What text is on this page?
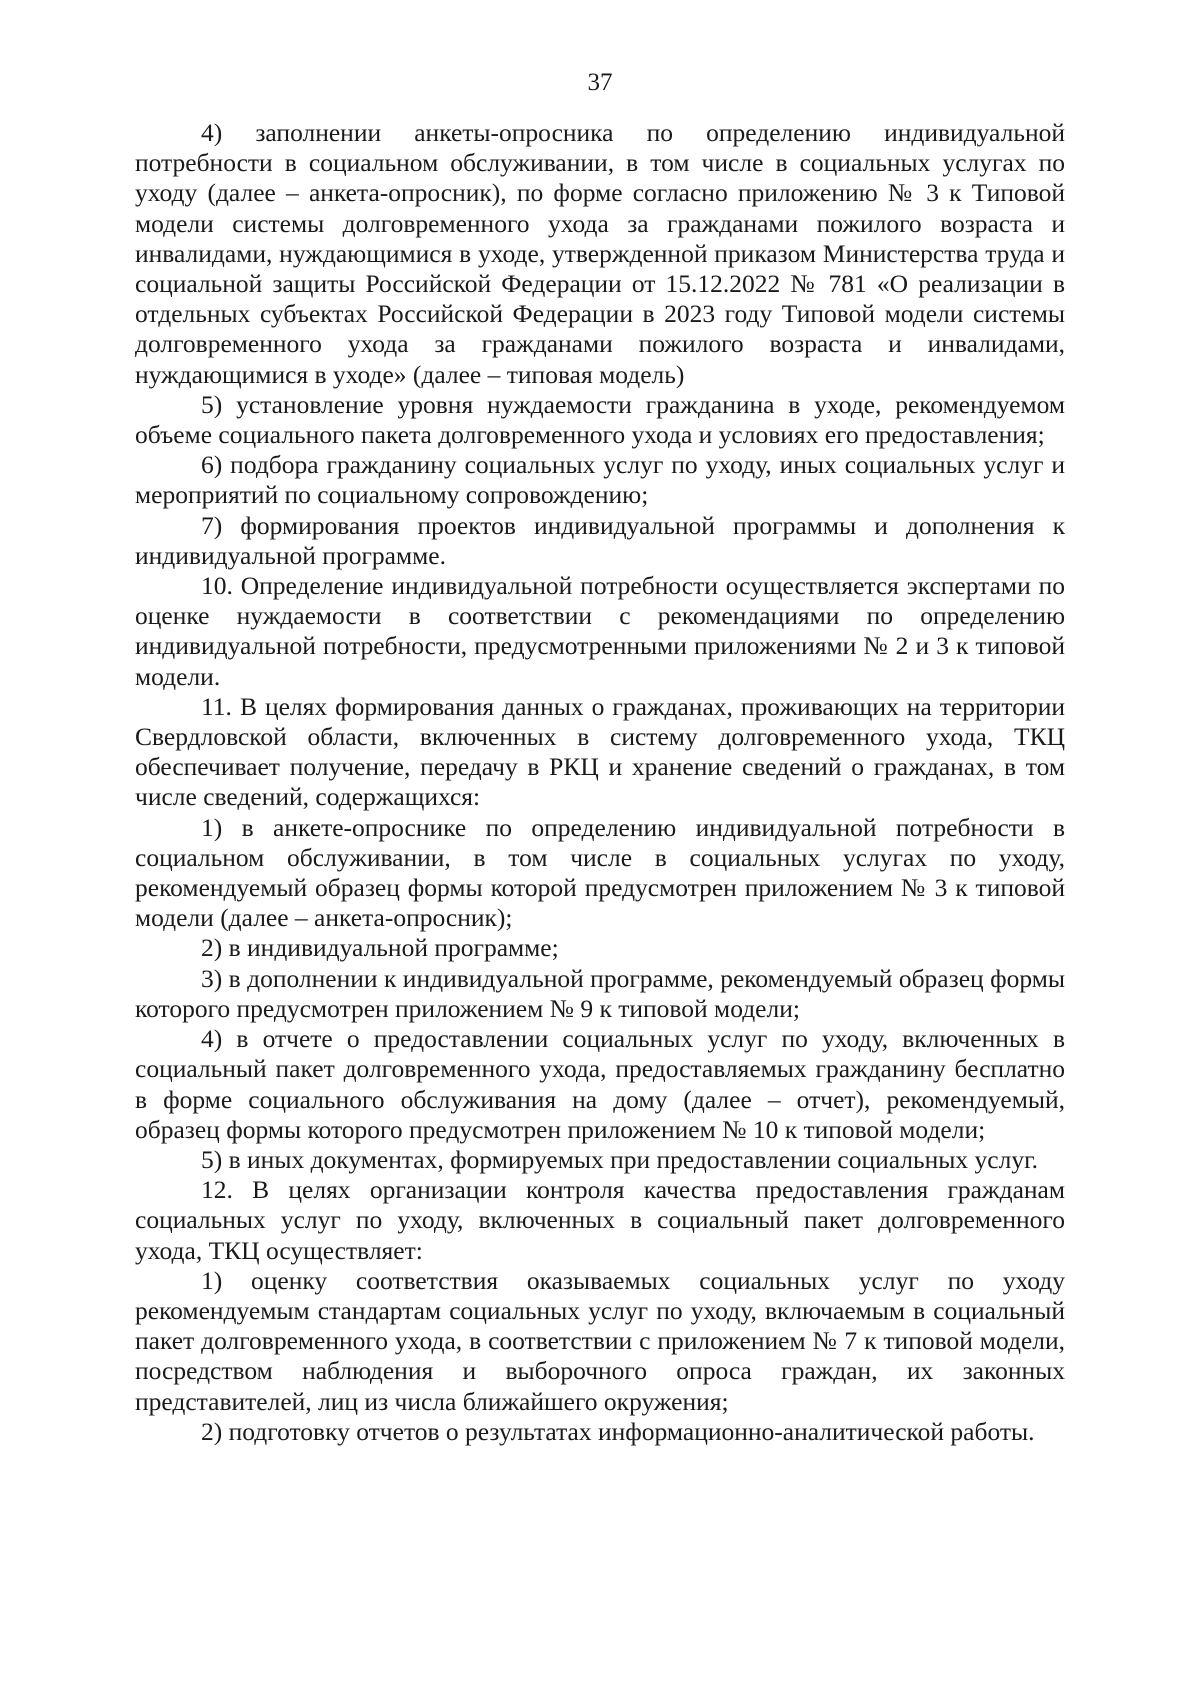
37

4) заполнении анкеты-опросника по определению индивидуальной потребности в социальном обслуживании, в том числе в социальных услугах по уходу (далее – анкета-опросник), по форме согласно приложению № 3 к Типовой модели системы долговременного ухода за гражданами пожилого возраста и инвалидами, нуждающимися в уходе, утвержденной приказом Министерства труда и социальной защиты Российской Федерации от 15.12.2022 № 781 «О реализации в отдельных субъектах Российской Федерации в 2023 году Типовой модели системы долговременного ухода за гражданами пожилого возраста и инвалидами, нуждающимися в уходе» (далее – типовая модель)

5) установление уровня нуждаемости гражданина в уходе, рекомендуемом объеме социального пакета долговременного ухода и условиях его предоставления;

6) подбора гражданину социальных услуг по уходу, иных социальных услуг и мероприятий по социальному сопровождению;

7) формирования проектов индивидуальной программы и дополнения к индивидуальной программе.

10. Определение индивидуальной потребности осуществляется экспертами по оценке нуждаемости в соответствии с рекомендациями по определению индивидуальной потребности, предусмотренными приложениями № 2 и 3 к типовой модели.

11. В целях формирования данных о гражданах, проживающих на территории Свердловской области, включенных в систему долговременного ухода, ТКЦ обеспечивает получение, передачу в РКЦ и хранение сведений о гражданах, в том числе сведений, содержащихся:

1) в анкете-опроснике по определению индивидуальной потребности в социальном обслуживании, в том числе в социальных услугах по уходу, рекомендуемый образец формы которой предусмотрен приложением № 3 к типовой модели (далее – анкета-опросник);

2) в индивидуальной программе;

3) в дополнении к индивидуальной программе, рекомендуемый образец формы которого предусмотрен приложением № 9 к типовой модели;

4) в отчете о предоставлении социальных услуг по уходу, включенных в социальный пакет долговременного ухода, предоставляемых гражданину бесплатно в форме социального обслуживания на дому (далее – отчет), рекомендуемый, образец формы которого предусмотрен приложением № 10 к типовой модели;

5) в иных документах, формируемых при предоставлении социальных услуг.

12. В целях организации контроля качества предоставления гражданам социальных услуг по уходу, включенных в социальный пакет долговременного ухода, ТКЦ осуществляет:

1) оценку соответствия оказываемых социальных услуг по уходу рекомендуемым стандартам социальных услуг по уходу, включаемым в социальный пакет долговременного ухода, в соответствии с приложением № 7 к типовой модели, посредством наблюдения и выборочного опроса граждан, их законных представителей, лиц из числа ближайшего окружения;

2) подготовку отчетов о результатах информационно-аналитической работы.
